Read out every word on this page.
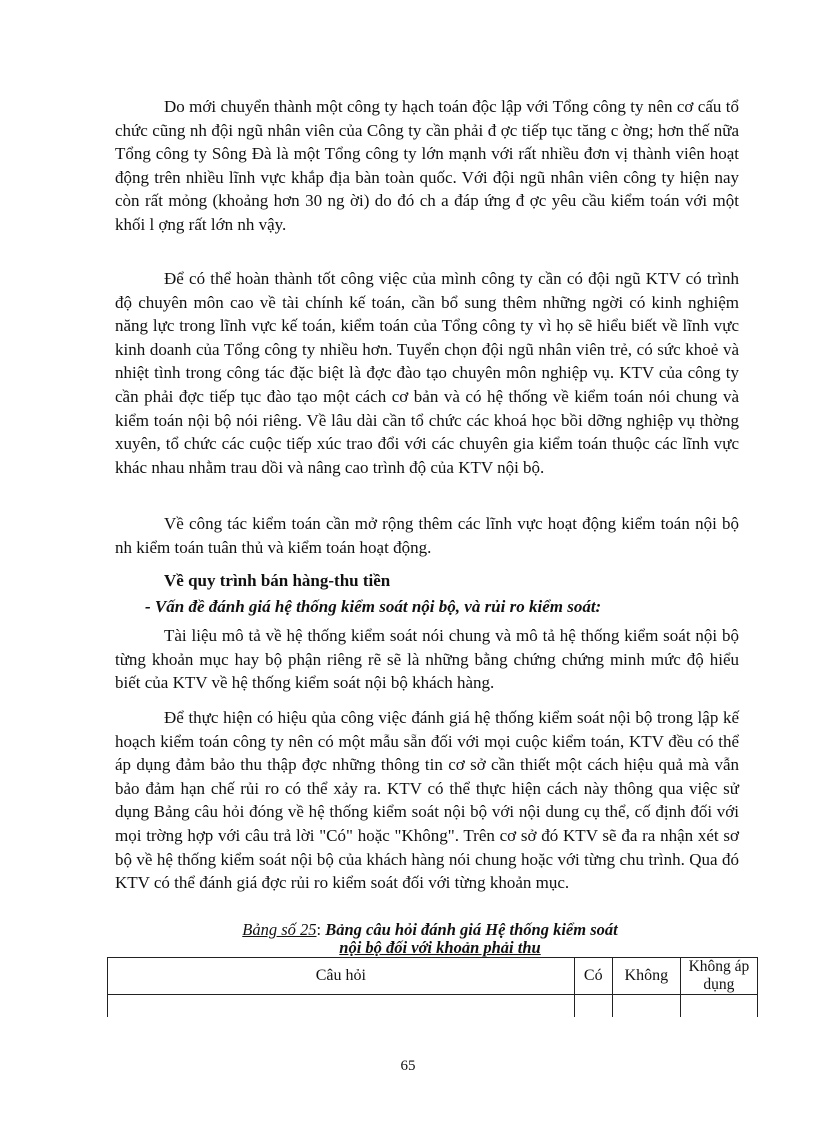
Do mới chuyển thành một công ty hạch toán độc lập với Tổng công ty nên cơ cấu tổ chức cũng nh đội ngũ nhân viên của Công ty cần phải đ ợc tiếp tục tăng c ờng; hơn thế nữa Tổng công ty Sông Đà là một Tổng công ty lớn mạnh với rất nhiều đơn vị thành viên hoạt động trên nhiều lĩnh vực khắp địa bàn toàn quốc. Với đội ngũ nhân viên công ty hiện nay còn rất mỏng (khoảng hơn 30 ng ời) do đó ch a đáp ứng đ ợc yêu cầu kiểm toán với một khối l ợng rất lớn nh vậy.

Để có thể hoàn thành tốt công việc của mình công ty cần có đội ngũ KTV có trình độ chuyên môn cao về tài chính kế toán, cần bổ sung thêm những ngời có kinh nghiệm năng lực trong lĩnh vực kế toán, kiểm toán của Tổng công ty vì họ sẽ hiểu biết về lĩnh vực kinh doanh của Tổng công ty nhiều hơn. Tuyển chọn đội ngũ nhân viên trẻ, có sức khoẻ và nhiệt tình trong công tác đặc biệt là đợc đào tạo chuyên môn nghiệp vụ. KTV của công ty cần phải đợc tiếp tục đào tạo một cách cơ bản và có hệ thống về kiểm toán nói chung và kiểm toán nội bộ nói riêng. Về lâu dài cần tổ chức các khoá học bồi dỡng nghiệp vụ thờng xuyên, tổ chức các cuộc tiếp xúc trao đổi với các chuyên gia kiểm toán thuộc các lĩnh vực khác nhau nhằm trau dồi và nâng cao trình độ của KTV nội bộ.

Về công tác kiểm toán cần mở rộng thêm các lĩnh vực hoạt động kiểm toán nội bộ nh kiểm toán tuân thủ và kiểm toán hoạt động.

Về quy trình bán hàng-thu tiền

- Vấn đề đánh giá hệ thống kiểm soát nội bộ, và rủi ro kiểm soát:

Tài liệu mô tả về hệ thống kiểm soát nói chung và mô tả hệ thống kiểm soát nội bộ từng khoản mục hay bộ phận riêng rẽ sẽ là những bằng chứng chứng minh mức độ hiểu biết của KTV về hệ thống kiểm soát nội bộ khách hàng.

Để thực hiện có hiệu qủa công việc đánh giá hệ thống kiểm soát nội bộ trong lập kế hoạch kiểm toán công ty nên có một mẫu sẵn đối với mọi cuộc kiểm toán, KTV đều có thể áp dụng đảm bảo thu thập đợc những thông tin cơ sở cần thiết một cách hiệu quả mà vẫn bảo đảm hạn chế rủi ro có thể xảy ra. KTV có thể thực hiện cách này thông qua việc sử dụng Bảng câu hỏi đóng về hệ thống kiểm soát nội bộ với nội dung cụ thể, cố định đối với mọi trờng hợp với câu trả lời "Có" hoặc "Không". Trên cơ sở đó KTV sẽ đa ra nhận xét sơ bộ về hệ thống kiểm soát nội bộ của khách hàng nói chung hoặc với từng chu trình. Qua đó KTV có thể đánh giá đợc rủi ro kiểm soát đối với từng khoản mục.

Bảng số 25: Bảng câu hỏi đánh giá Hệ thống kiểm soát
nội bộ đối với khoản phải thu
Câu hỏi	Có	Không	Không áp dụng

65
